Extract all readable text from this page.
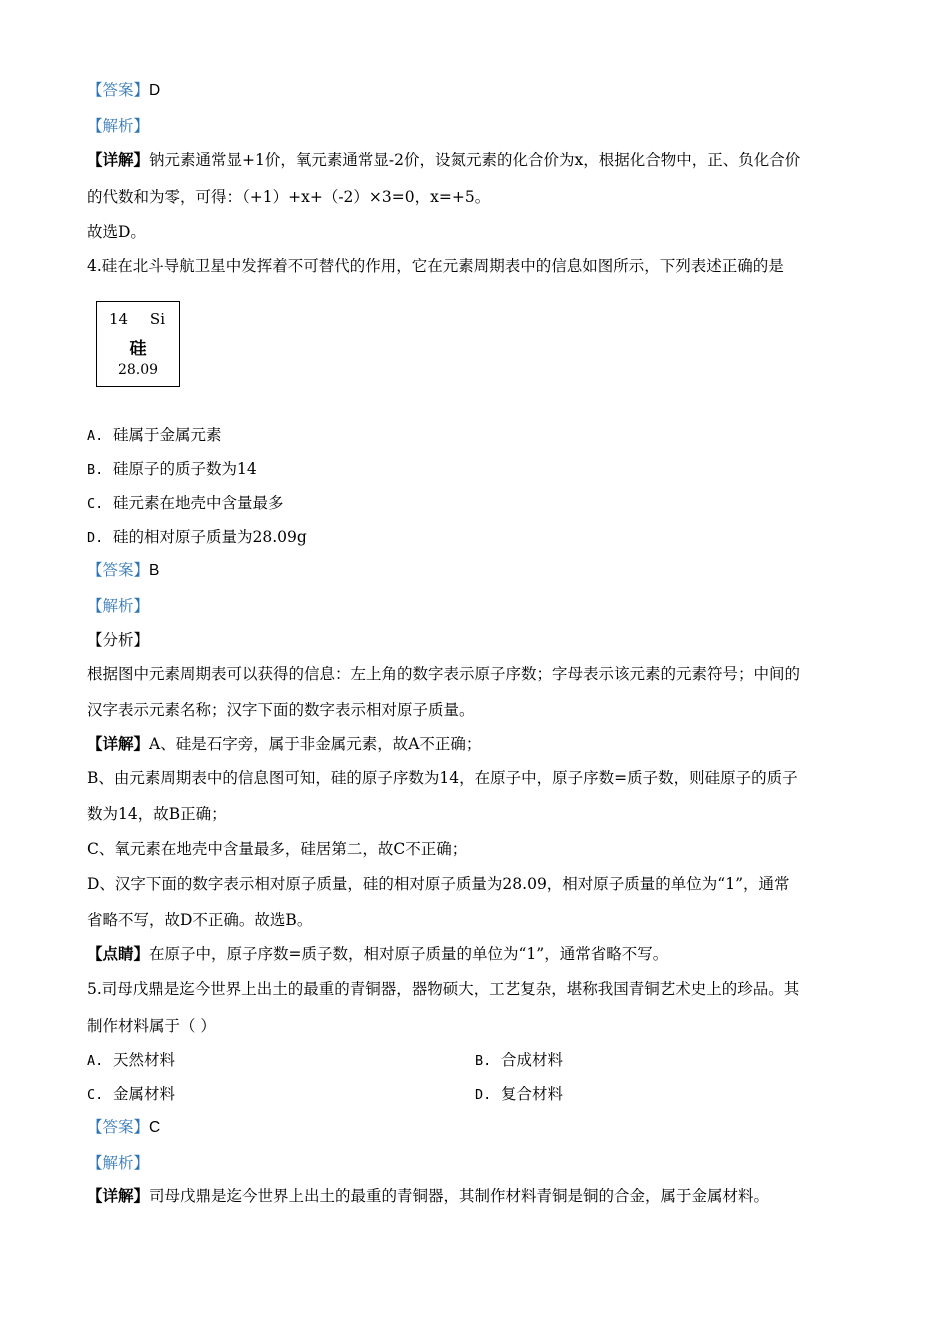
【答案】D
【解析】
【详解】钠元素通常显+1价，氧元素通常显-2价，设氮元素的化合价为x，根据化合物中，正、负化合价
的代数和为零，可得：（+1）+x+（-2）×3=0，x=+5。
故选D。
4.硅在北斗导航卫星中发挥着不可替代的作用，它在元素周期表中的信息如图所示，下列表述正确的是
14 Si
硅
28.09
A. 硅属于金属元素
B. 硅原子的质子数为14
C. 硅元素在地壳中含量最多
D. 硅的相对原子质量为28.09g
【答案】B
【解析】
【分析】
根据图中元素周期表可以获得的信息：左上角的数字表示原子序数；字母表示该元素的元素符号；中间的
汉字表示元素名称；汉字下面的数字表示相对原子质量。
【详解】A、硅是石字旁，属于非金属元素，故A不正确；
B、由元素周期表中的信息图可知，硅的原子序数为14，在原子中，原子序数=质子数，则硅原子的质子
数为14，故B正确；
C、氧元素在地壳中含量最多，硅居第二，故C不正确；
D、汉字下面的数字表示相对原子质量，硅的相对原子质量为28.09，相对原子质量的单位为“1”，通常
省略不写，故D不正确。故选B。
【点睛】在原子中，原子序数=质子数，相对原子质量的单位为“1”，通常省略不写。
5.司母戊鼎是迄今世界上出土的最重的青铜器，器物硕大，工艺复杂，堪称我国青铜艺术史上的珍品。其
制作材料属于（ ）
A. 天然材料	B. 合成材料
C. 金属材料	D. 复合材料
【答案】C
【解析】
【详解】司母戊鼎是迄今世界上出土的最重的青铜器，其制作材料青铜是铜的合金，属于金属材料。
